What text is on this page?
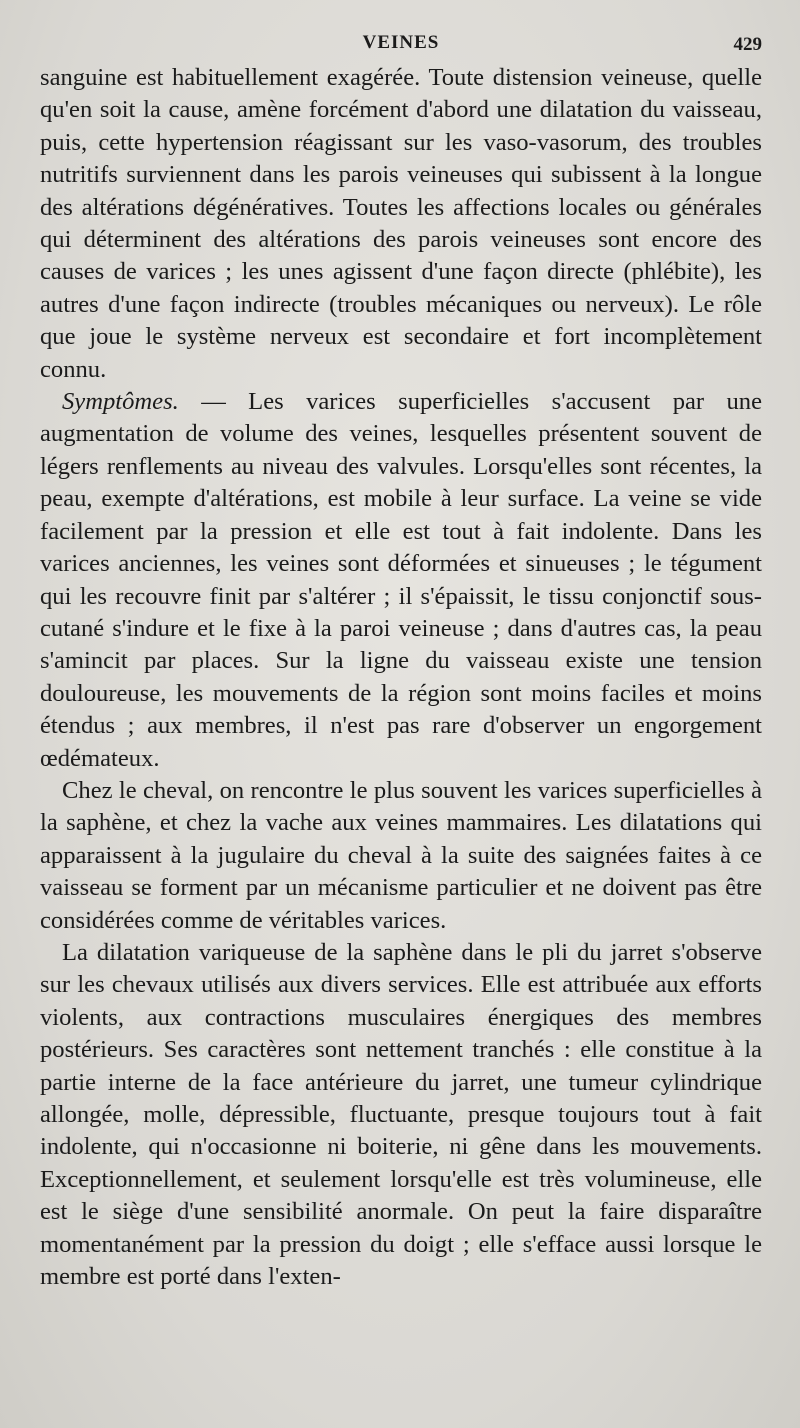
VEINES	429

sanguine est habituellement exagérée. Toute distension veineuse, quelle qu'en soit la cause, amène forcément d'abord une dilatation du vaisseau, puis, cette hypertension réagissant sur les vaso-vasorum, des troubles nutritifs surviennent dans les parois veineuses qui subissent à la longue des altérations dégénératives. Toutes les affections locales ou générales qui déterminent des altérations des parois veineuses sont encore des causes de varices ; les unes agissent d'une façon directe (phlébite), les autres d'une façon indirecte (troubles mécaniques ou nerveux). Le rôle que joue le système nerveux est secondaire et fort incomplètement connu.

Symptômes. — Les varices superficielles s'accusent par une augmentation de volume des veines, lesquelles présentent souvent de légers renflements au niveau des valvules. Lorsqu'elles sont récentes, la peau, exempte d'altérations, est mobile à leur surface. La veine se vide facilement par la pression et elle est tout à fait indolente. Dans les varices anciennes, les veines sont déformées et sinueuses ; le tégument qui les recouvre finit par s'altérer ; il s'épaissit, le tissu conjonctif sous-cutané s'indure et le fixe à la paroi veineuse ; dans d'autres cas, la peau s'amincit par places. Sur la ligne du vaisseau existe une tension douloureuse, les mouvements de la région sont moins faciles et moins étendus ; aux membres, il n'est pas rare d'observer un engorgement œdémateux.

Chez le cheval, on rencontre le plus souvent les varices superficielles à la saphène, et chez la vache aux veines mammaires. Les dilatations qui apparaissent à la jugulaire du cheval à la suite des saignées faites à ce vaisseau se forment par un mécanisme particulier et ne doivent pas être considérées comme de véritables varices.

La dilatation variqueuse de la saphène dans le pli du jarret s'observe sur les chevaux utilisés aux divers services. Elle est attribuée aux efforts violents, aux contractions musculaires énergiques des membres postérieurs. Ses caractères sont nettement tranchés : elle constitue à la partie interne de la face antérieure du jarret, une tumeur cylindrique allongée, molle, dépressible, fluctuante, presque toujours tout à fait indolente, qui n'occasionne ni boiterie, ni gêne dans les mouvements. Exceptionnellement, et seulement lorsqu'elle est très volumineuse, elle est le siège d'une sensibilité anormale. On peut la faire disparaître momentanément par la pression du doigt ; elle s'efface aussi lorsque le membre est porté dans l'exten-
